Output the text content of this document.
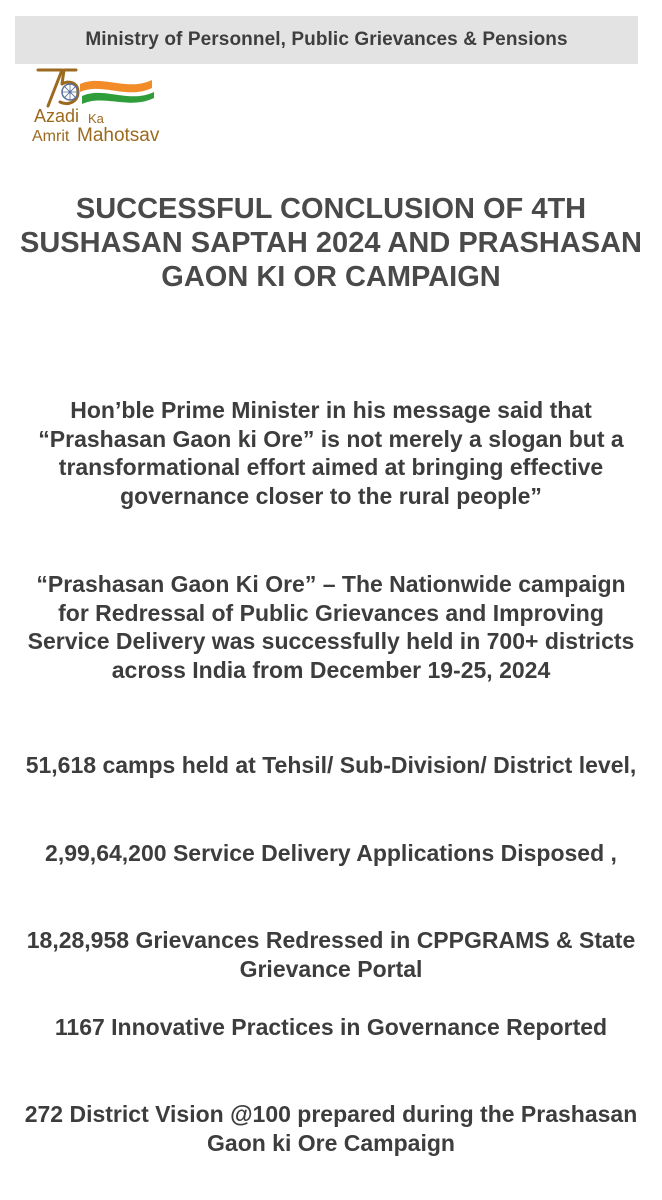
Ministry of Personnel, Public Grievances & Pensions
Azadi Ka
Amrit Mahotsav
SUCCESSFUL CONCLUSION OF 4TH SUSHASAN SAPTAH 2024 AND PRASHASAN GAON KI OR CAMPAIGN

Hon’ble Prime Minister in his message said that “Prashasan Gaon ki Ore” is not merely a slogan but a transformational effort aimed at bringing effective governance closer to the rural people”

“Prashasan Gaon Ki Ore” – The Nationwide campaign for Redressal of Public Grievances and Improving Service Delivery was successfully held in 700+ districts across India from December 19-25, 2024

51,618 camps held at Tehsil/ Sub-Division/ District level,

2,99,64,200 Service Delivery Applications Disposed ,

18,28,958 Grievances Redressed in CPPGRAMS & State Grievance Portal

1167 Innovative Practices in Governance Reported

272 District Vision @100 prepared during the Prashasan Gaon ki Ore Campaign
